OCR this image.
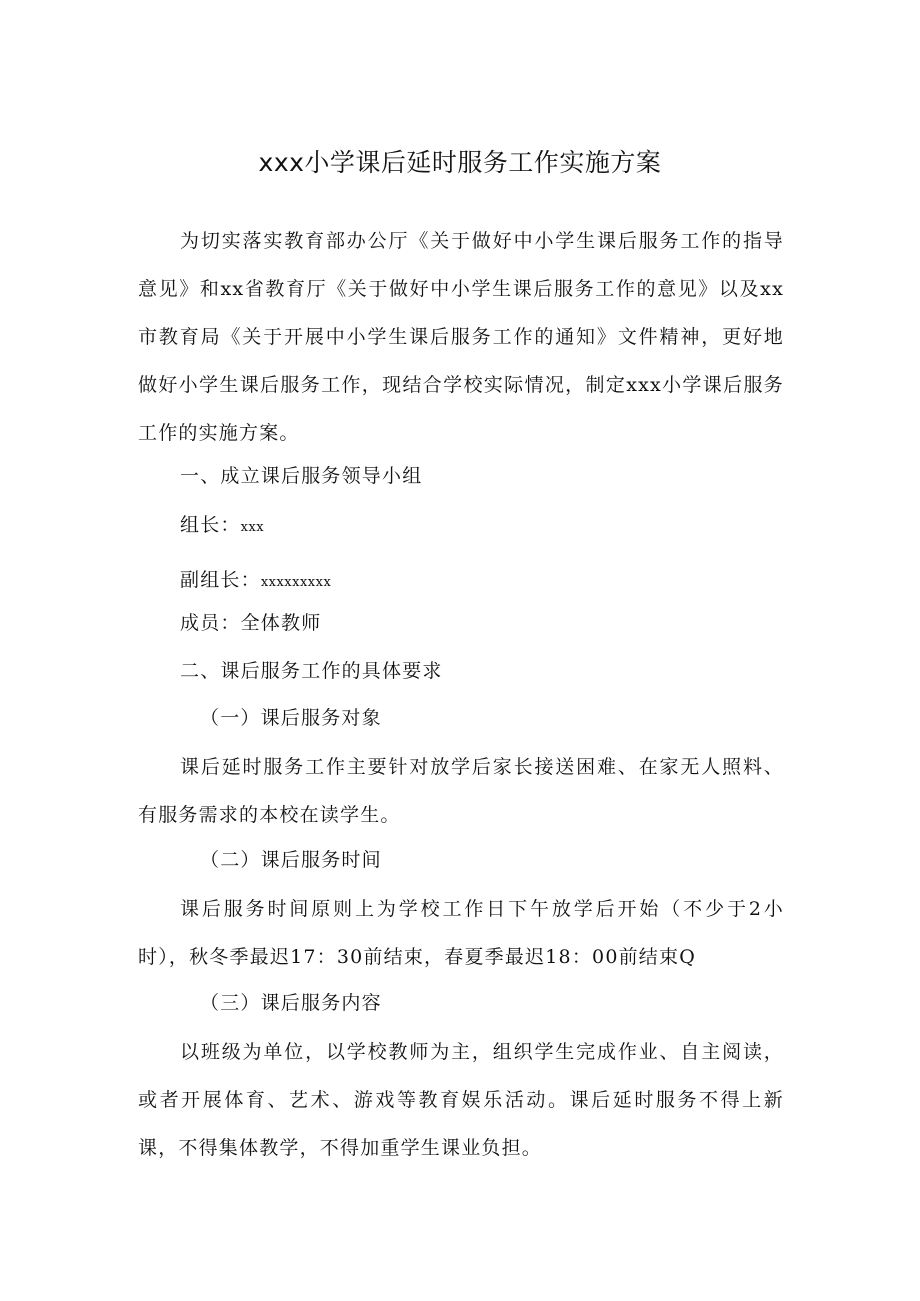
xxx小学课后延时服务工作实施方案

为切实落实教育部办公厅《关于做好中小学生课后服务工作的指导意见》和xx省教育厅《关于做好中小学生课后服务工作的意见》以及xx市教育局《关于开展中小学生课后服务工作的通知》文件精神，更好地做好小学生课后服务工作，现结合学校实际情况，制定xxx小学课后服务工作的实施方案。

一、成立课后服务领导小组

组长：xxx

副组长：xxxxxxxxx

成员：全体教师

二、课后服务工作的具体要求

（一）课后服务对象

课后延时服务工作主要针对放学后家长接送困难、在家无人照料、有服务需求的本校在读学生。

（二）课后服务时间

课后服务时间原则上为学校工作日下午放学后开始（不少于2小时），秋冬季最迟17：30前结束，春夏季最迟18：00前结束Q

（三）课后服务内容

以班级为单位，以学校教师为主，组织学生完成作业、自主阅读，或者开展体育、艺术、游戏等教育娱乐活动。课后延时服务不得上新课，不得集体教学，不得加重学生课业负担。
